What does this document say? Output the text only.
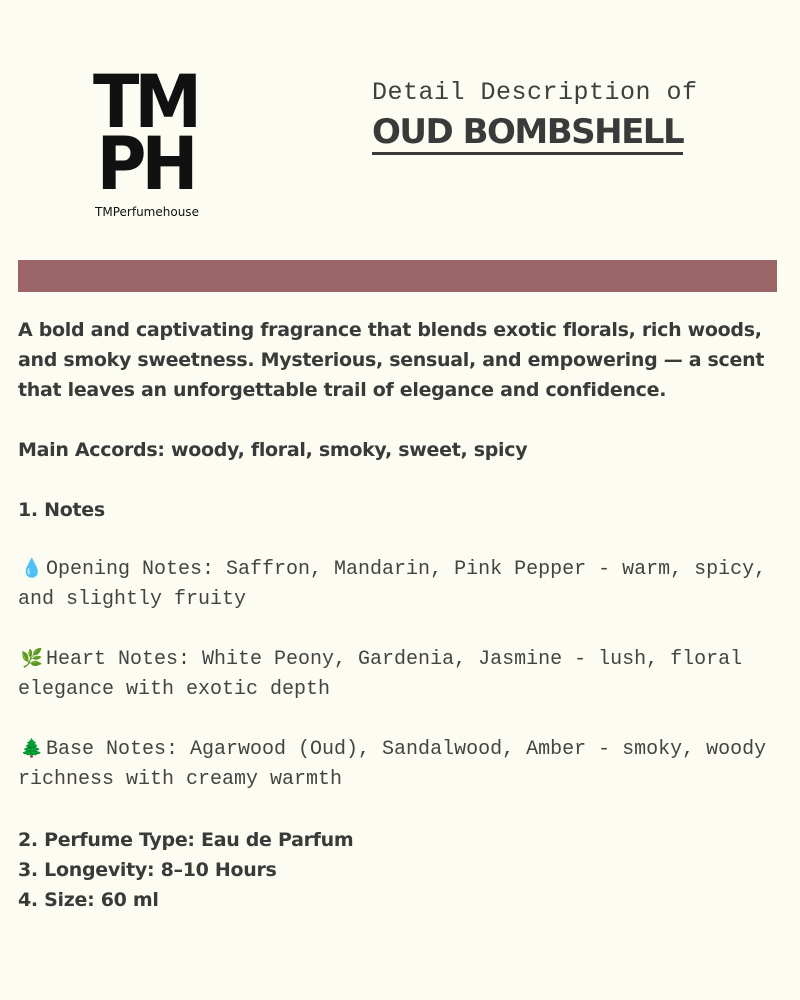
TM
PH
TMPerfumehouse
Detail Description of
OUD BOMBSHELL

A bold and captivating fragrance that blends exotic florals, rich woods, and smoky sweetness. Mysterious, sensual, and empowering — a scent that leaves an unforgettable trail of elegance and confidence.

Main Accords: woody, floral, smoky, sweet, spicy

1. Notes

💧 Opening Notes: Saffron, Mandarin, Pink Pepper - warm, spicy, and slightly fruity

🌿 Heart Notes: White Peony, Gardenia, Jasmine - lush, floral elegance with exotic depth

🌲 Base Notes: Agarwood (Oud), Sandalwood, Amber - smoky, woody richness with creamy warmth

2. Perfume Type: Eau de Parfum

3. Longevity: 8–10 Hours

4. Size: 60 ml
